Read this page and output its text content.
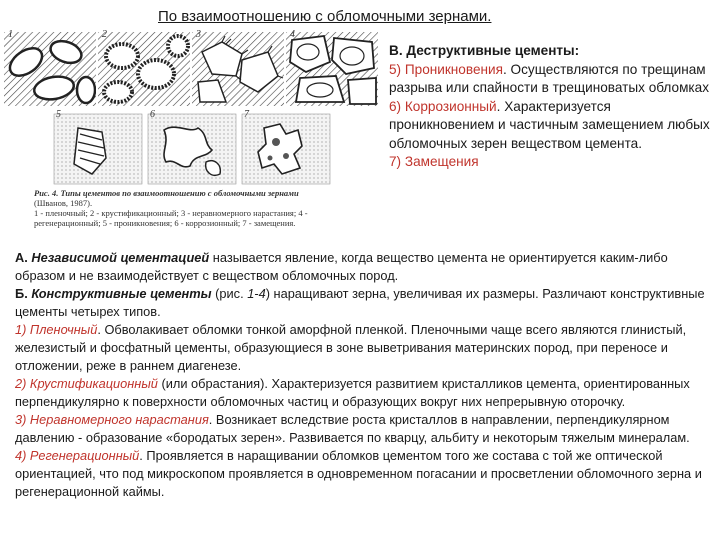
По взаимоотношению с обломочными зернами.
1	2	3	4
5	6	7
Рис. 4. Типы цементов по взаимоотношению с обломочными зернами
(Шванов, 1987).
1 - пленочный; 2 - крустификационный; 3 - неравномерного нарастания; 4 - регенерационный; 5 - проникновения; 6 - коррозионный; 7 - замещения.

В. Деструктивные цементы:

5) Проникновения. Осуществляются по трещинам разрыва или спайности в трещиноватых обломках

6) Коррозионный. Характеризуется проникновением и частичным замещением любых обломочных зерен веществом цемента.

7) Замещения

А. Независимой цементацией называется явление, когда вещество цемента не ориентируется каким-либо образом и не взаимодействует с веществом обломочных пород.

Б. Конструктивные цементы (рис. 1-4) наращивают зерна, увеличивая их размеры. Различают конструктивные цементы четырех типов.

1) Пленочный. Обволакивает обломки тонкой аморфной пленкой. Пленочными чаще всего являются глинистый, железистый и фосфатный цементы, образующиеся в зоне выветривания материнских пород, при переносе и отложении, реже в раннем диагенезе.

2) Крустификационный (или обрастания). Характеризуется развитием кристалликов цемента, ориентированных перпендикулярно к поверхности обломочных частиц и образующих вокруг них непрерывную оторочку.

3) Неравномерного нарастания. Возникает вследствие роста кристаллов в направлении, перпендикулярном давлению - образование «бородатых зерен». Развивается по кварцу, альбиту и некоторым тяжелым минералам.

4) Регенерационный. Проявляется в наращивании обломков цементом того же состава с той же оптической ориентацией, что под микроскопом проявляется в одновременном погасании и просветлении обломочного зерна и регенерационной каймы.
